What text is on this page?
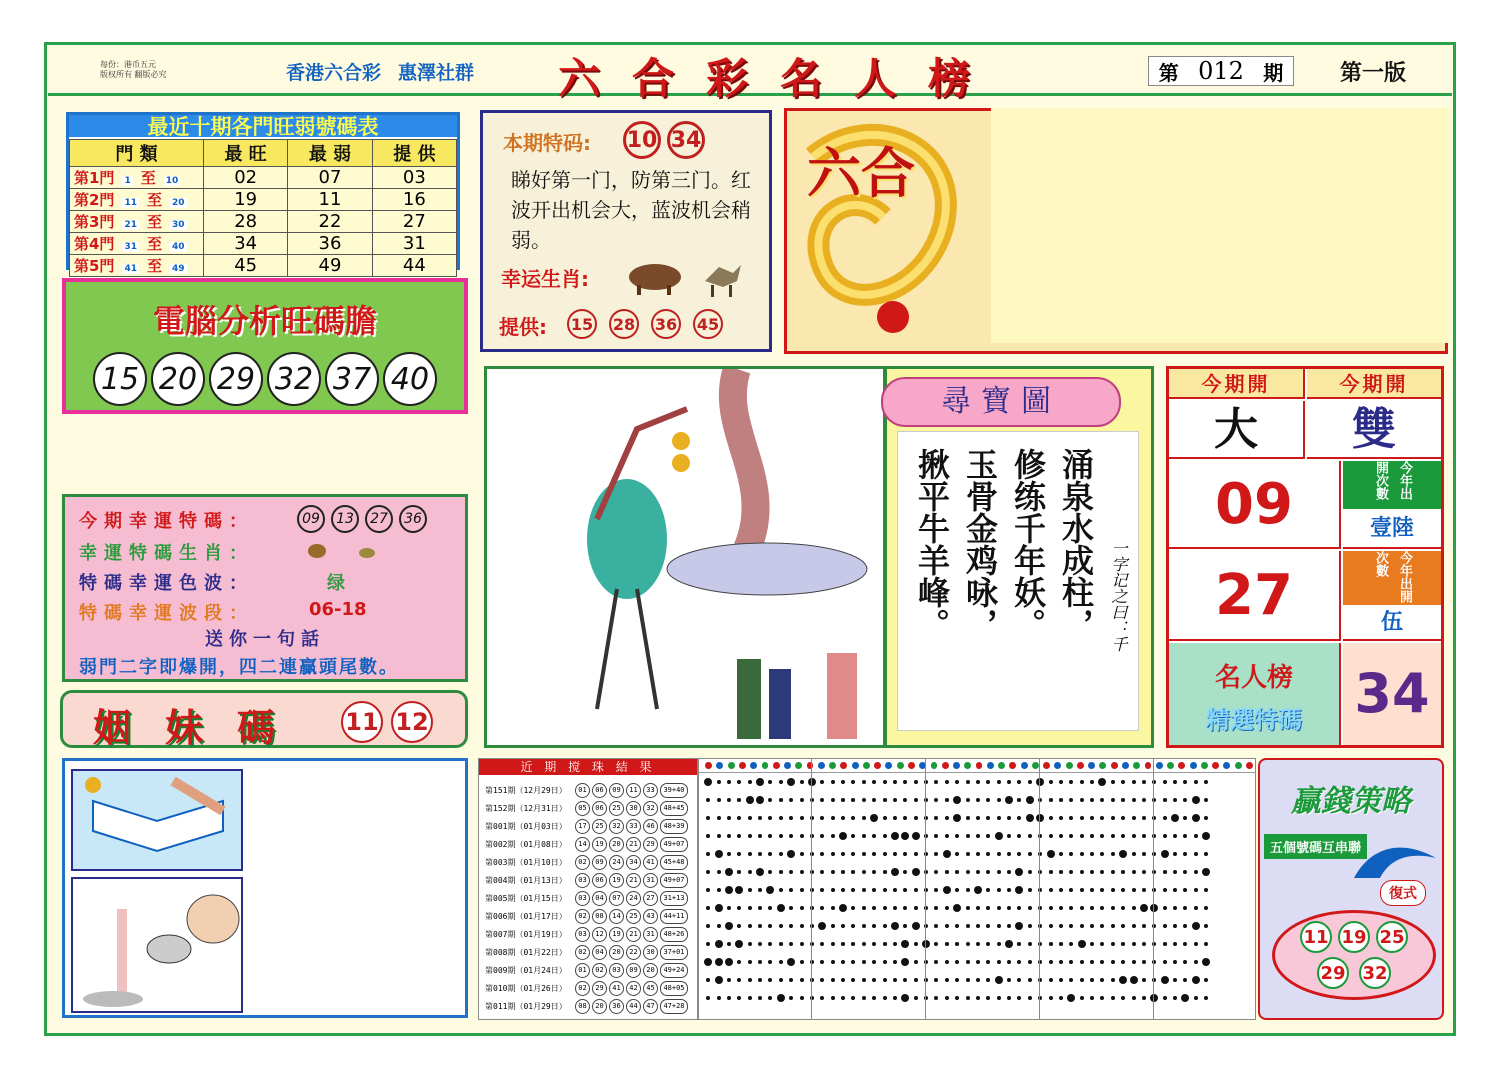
每份：港币五元
版权所有 翻版必究	香港六合彩 惠澤社群 六合彩名人榜	第 012 期	第一版
最近十期各門旺弱號碼表
門 類	最 旺	最 弱	提 供
第1門 1 至 10	02	07	03
第2門 11 至 20	19	11	16
第3門 21 至 30	28	22	27
第4門 31 至 40	34	36	31
第5門 41 至 49	45	49	44
電腦分析旺碼膽
15 20 29 32 37 40
本期特码: 10 34
睇好第一门，防第三门。红波开出机会大，蓝波机会稍弱。
幸运生肖:
提供: 15 28 36 45
六合
今期幸運特碼：	09	13	27	36
幸運特碼生肖：
特碼幸運色波：	绿
特碼幸運波段：	06-18
送你一句話
弱門二字即爆開，四二連贏頭尾數。
姻妹碼 11 12
尋寶圖
涌泉水成柱，
修练千年妖。
玉骨金鸡咏，
揪平牛羊峰。	一字记之曰：千
今期開	今期開
大	雙
09	今年出開次數
壹陸
27	今年出開次數
伍
名人榜
精選特碼 34
近 期 搅 珠 結 果
第151期（12月29日）	01	06	09	11	33	39+40
第152期（12月31日）	05	06	25	30	32	48+45
第001期（01月03日）	17	25	32	33	46	48+39
第002期（01月08日）	14	19	20	21	29	49+07
第003期（01月10日）	02	09	24	34	41	45+48
第004期（01月13日）	03	06	19	21	31	49+07
第005期（01月15日）	03	04	07	24	27	31+13
第006期（01月17日）	02	08	14	25	43	44+11
第007期（01月19日）	03	12	19	21	31	48+26
第008期（01月22日）	02	04	20	22	30	37+01
第009期（01月24日）	01	02	03	09	20	49+24
第010期（01月26日）	02	29	41	42	45	48+05
第011期（01月29日）	08	20	36	44	47	47+28
贏錢策略
五個號碼互串聯
復式
11 19 25
29 32
